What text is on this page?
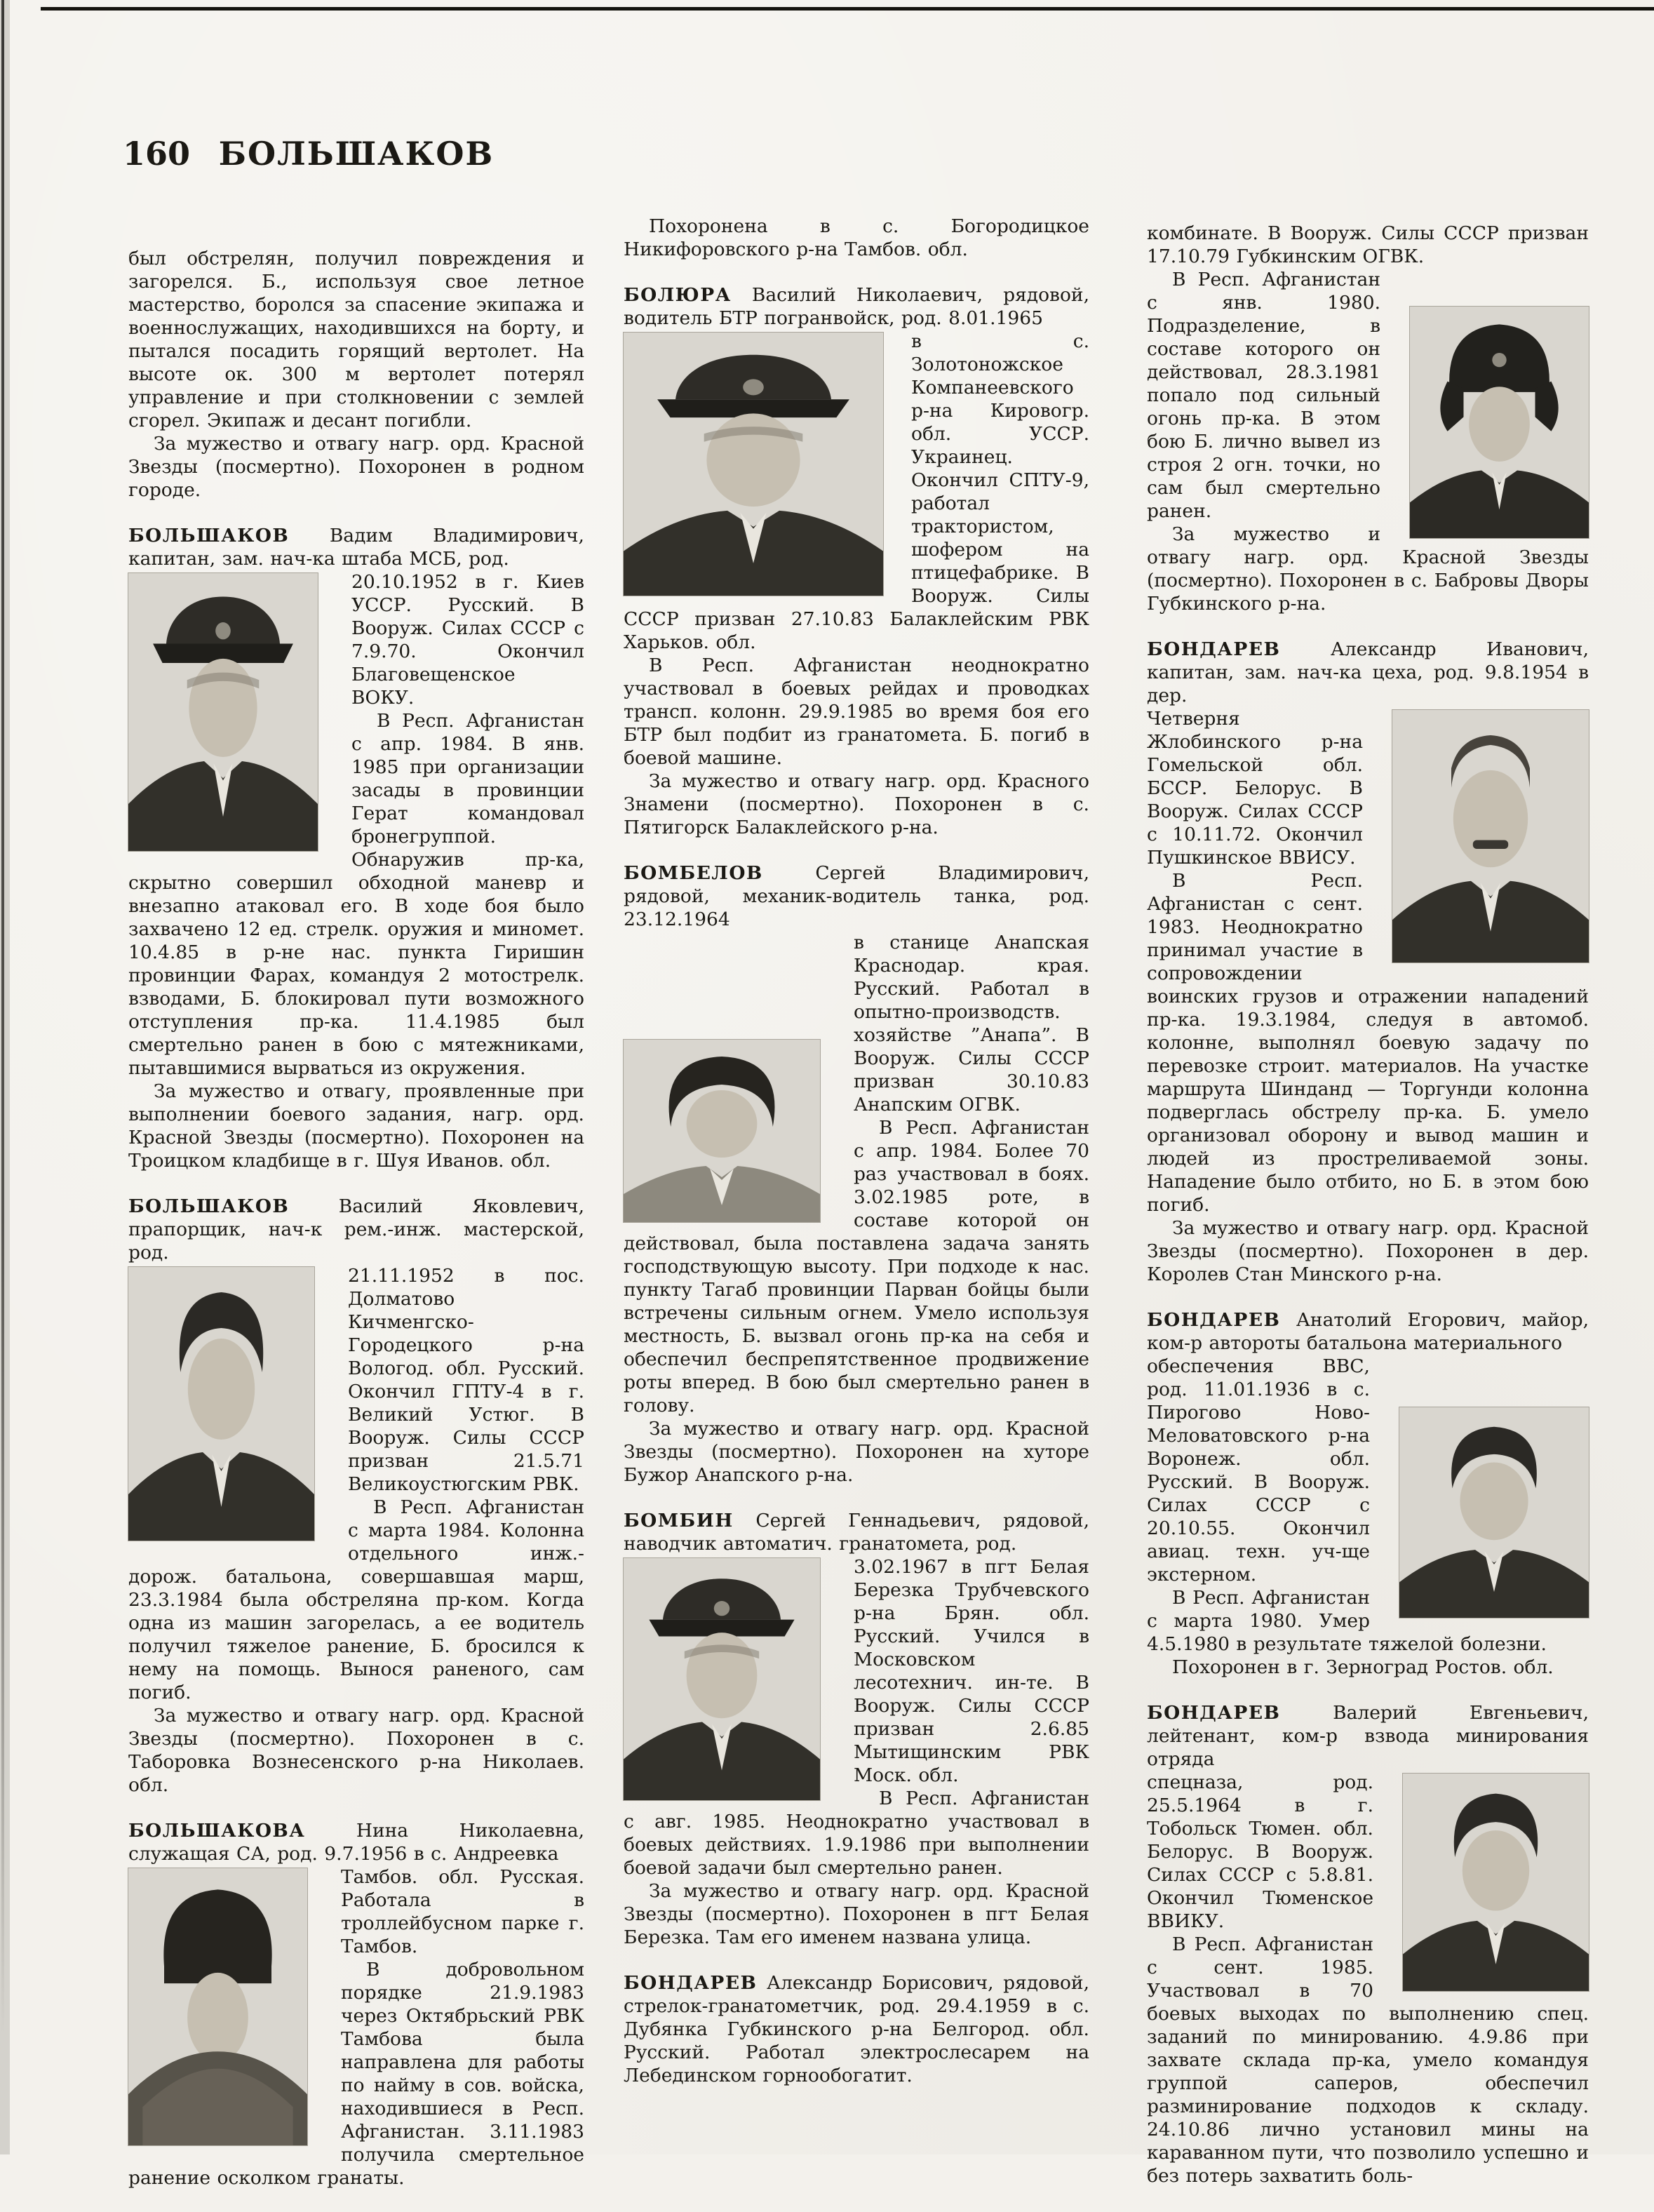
160 БОЛЬШАКОВ

был обстрелян, получил повреждения и загорелся. Б., используя свое летное мастерство, боролся за спасение экипажа и военнослужащих, находившихся на борту, и пытался посадить горящий вертолет. На высоте ок. 300 м вертолет потерял управление и при столкновении с землей сгорел. Экипаж и десант погибли.

За мужество и отвагу нагр. орд. Красной Звезды (посмертно). Похоронен в родном городе.

БОЛЬШАКОВ Вадим Владимирович, капитан, зам. нач-ка штаба МСБ, род.

20.10.1952 в г. Киев УССР. Русский. В Вооруж. Силах СССР с 7.9.70. Окончил Благовещенское ВОКУ.

В Респ. Афганистан с апр. 1984. В янв. 1985 при организации засады в провинции Герат командовал бронегруппой. Обнаружив пр-ка, скрытно совершил обходной маневр и внезапно атаковал его. В ходе боя было захвачено 12 ед. стрелк. оружия и миномет. 10.4.85 в р-не нас. пункта Гиришин провинции Фарах, командуя 2 мотострелк. взводами, Б. блокировал пути возможного отступления пр-ка. 11.4.1985 был смертельно ранен в бою с мятежниками, пытавшимися вырваться из окружения.

За мужество и отвагу, проявленные при выполнении боевого задания, нагр. орд. Красной Звезды (посмертно). Похоронен на Троицком кладбище в г. Шуя Иванов. обл.

БОЛЬШАКОВ Василий Яковлевич, прапорщик, нач-к рем.-инж. мастерской, род.

21.11.1952 в пос. Долматово Кичменгско-Городецкого р-на Вологод. обл. Русский. Окончил ГПТУ-4 в г. Великий Устюг. В Вооруж. Силы СССР призван 21.5.71 Великоустюгским РВК.

В Респ. Афганистан с марта 1984. Колонна отдельного инж.-дорож. батальона, совершавшая марш, 23.3.1984 была обстреляна пр-ком. Когда одна из машин загорелась, а ее водитель получил тяжелое ранение, Б. бросился к нему на помощь. Вынося раненого, сам погиб.

За мужество и отвагу нагр. орд. Красной Звезды (посмертно). Похоронен в с. Таборовка Вознесенского р-на Николаев. обл.

БОЛЬШАКОВА Нина Николаевна, служащая СА, род. 9.7.1956 в с. Андреевка

Тамбов. обл. Русская. Работала в троллейбусном парке г. Тамбов.

В добровольном порядке 21.9.1983 через Октябрьский РВК Тамбова была направлена для работы по найму в сов. войска, находившиеся в Респ. Афганистан. 3.11.1983 получила смертельное ранение осколком гранаты.

Похоронена в с. Богородицкое Никифоровского р-на Тамбов. обл.

БОЛЮРА Василий Николаевич, рядовой, водитель БТР погранвойск, род. 8.01.1965

в с. Золотоножское Компанеевского р-на Кировогр. обл. УССР. Украинец. Окончил СПТУ-9, работал трактористом, шофером на птицефабрике. В Вооруж. Силы СССР призван 27.10.83 Балаклейским РВК Харьков. обл.

В Респ. Афганистан неоднократно участвовал в боевых рейдах и проводках трансп. колонн. 29.9.1985 во время боя его БТР был подбит из гранатомета. Б. погиб в боевой машине.

За мужество и отвагу нагр. орд. Красного Знамени (посмертно). Похоронен в с. Пятигорск Балаклейского р-на.

БОМБЕЛОВ Сергей Владимирович, рядовой, механик-водитель танка, род. 23.12.1964

в станице Анапская Краснодар. края. Русский. Работал в опытно-производств. хозяйстве ”Анапа”. В Вооруж. Силы СССР призван 30.10.83 Анапским ОГВК.

В Респ. Афганистан с апр. 1984. Более 70 раз участвовал в боях. 3.02.1985 роте, в составе которой он действовал, была поставлена задача занять господствующую высоту. При подходе к нас. пункту Тагаб провинции Парван бойцы были встречены сильным огнем. Умело используя местность, Б. вызвал огонь пр-ка на себя и обеспечил беспрепятственное продвижение роты вперед. В бою был смертельно ранен в голову.

За мужество и отвагу нагр. орд. Красной Звезды (посмертно). Похоронен на хуторе Бужор Анапского р-на.

БОМБИН Сергей Геннадьевич, рядовой, наводчик автоматич. гранатомета, род.

3.02.1967 в пгт Белая Березка Трубчевского р-на Брян. обл. Русский. Учился в Московском лесотехнич. ин-те. В Вооруж. Силы СССР призван 2.6.85 Мытищинским РВК Моск. обл.

В Респ. Афганистан с авг. 1985. Неоднократно участвовал в боевых действиях. 1.9.1986 при выполнении боевой задачи был смертельно ранен.

За мужество и отвагу нагр. орд. Красной Звезды (посмертно). Похоронен в пгт Белая Березка. Там его именем названа улица.

БОНДАРЕВ Александр Борисович, рядовой, стрелок-гранатометчик, род. 29.4.1959 в с. Дубянка Губкинского р-на Белгород. обл. Русский. Работал электрослесарем на Лебединском горнообогатит.

комбинате. В Вооруж. Силы СССР призван 17.10.79 Губкинским ОГВК.

В Респ. Афганистан с янв. 1980. Подразделение, в составе которого он действовал, 28.3.1981 попало под сильный огонь пр-ка. В этом бою Б. лично вывел из строя 2 огн. точки, но сам был смертельно ранен.

За мужество и отвагу нагр. орд. Красной Звезды (посмертно). Похоронен в с. Бабровы Дворы Губкинского р-на.

БОНДАРЕВ Александр Иванович, капитан, зам. нач-ка цеха, род. 9.8.1954 в дер.

Четверня Жлобинского р-на Гомельской обл. БССР. Белорус. В Вооруж. Силах СССР с 10.11.72. Окончил Пушкинское ВВИСУ.

В Респ. Афганистан с сент. 1983. Неоднократно принимал участие в сопровождении воинских грузов и отражении нападений пр-ка. 19.3.1984, следуя в автомоб. колонне, выполнял боевую задачу по перевозке строит. материалов. На участке маршрута Шинданд — Торгунди колонна подверглась обстрелу пр-ка. Б. умело организовал оборону и вывод машин и людей из простреливаемой зоны. Нападение было отбито, но Б. в этом бою погиб.

За мужество и отвагу нагр. орд. Красной Звезды (посмертно). Похоронен в дер. Королев Стан Минского р-на.

БОНДАРЕВ Анатолий Егорович, майор, ком-р автороты батальона материального

обеспечения ВВС, род. 11.01.1936 в с. Пирогово Ново-Меловатовского р-на Воронеж. обл. Русский. В Вооруж. Силах СССР с 20.10.55. Окончил авиац. техн. уч-ще экстерном.

В Респ. Афганистан с марта 1980. Умер 4.5.1980 в результате тяжелой болезни.

Похоронен в г. Зерноград Ростов. обл.

БОНДАРЕВ Валерий Евгеньевич, лейтенант, ком-р взвода минирования отряда

спецназа, род. 25.5.1964 в г. Тобольск Тюмен. обл. Белорус. В Вооруж. Силах СССР с 5.8.81. Окончил Тюменское ВВИКУ.

В Респ. Афганистан с сент. 1985. Участвовал в 70 боевых выходах по выполнению спец. заданий по минированию. 4.9.86 при захвате склада пр-ка, умело командуя группой саперов, обеспечил разминирование подходов к складу. 24.10.86 лично установил мины на караванном пути, что позволило успешно и без потерь захватить боль-
